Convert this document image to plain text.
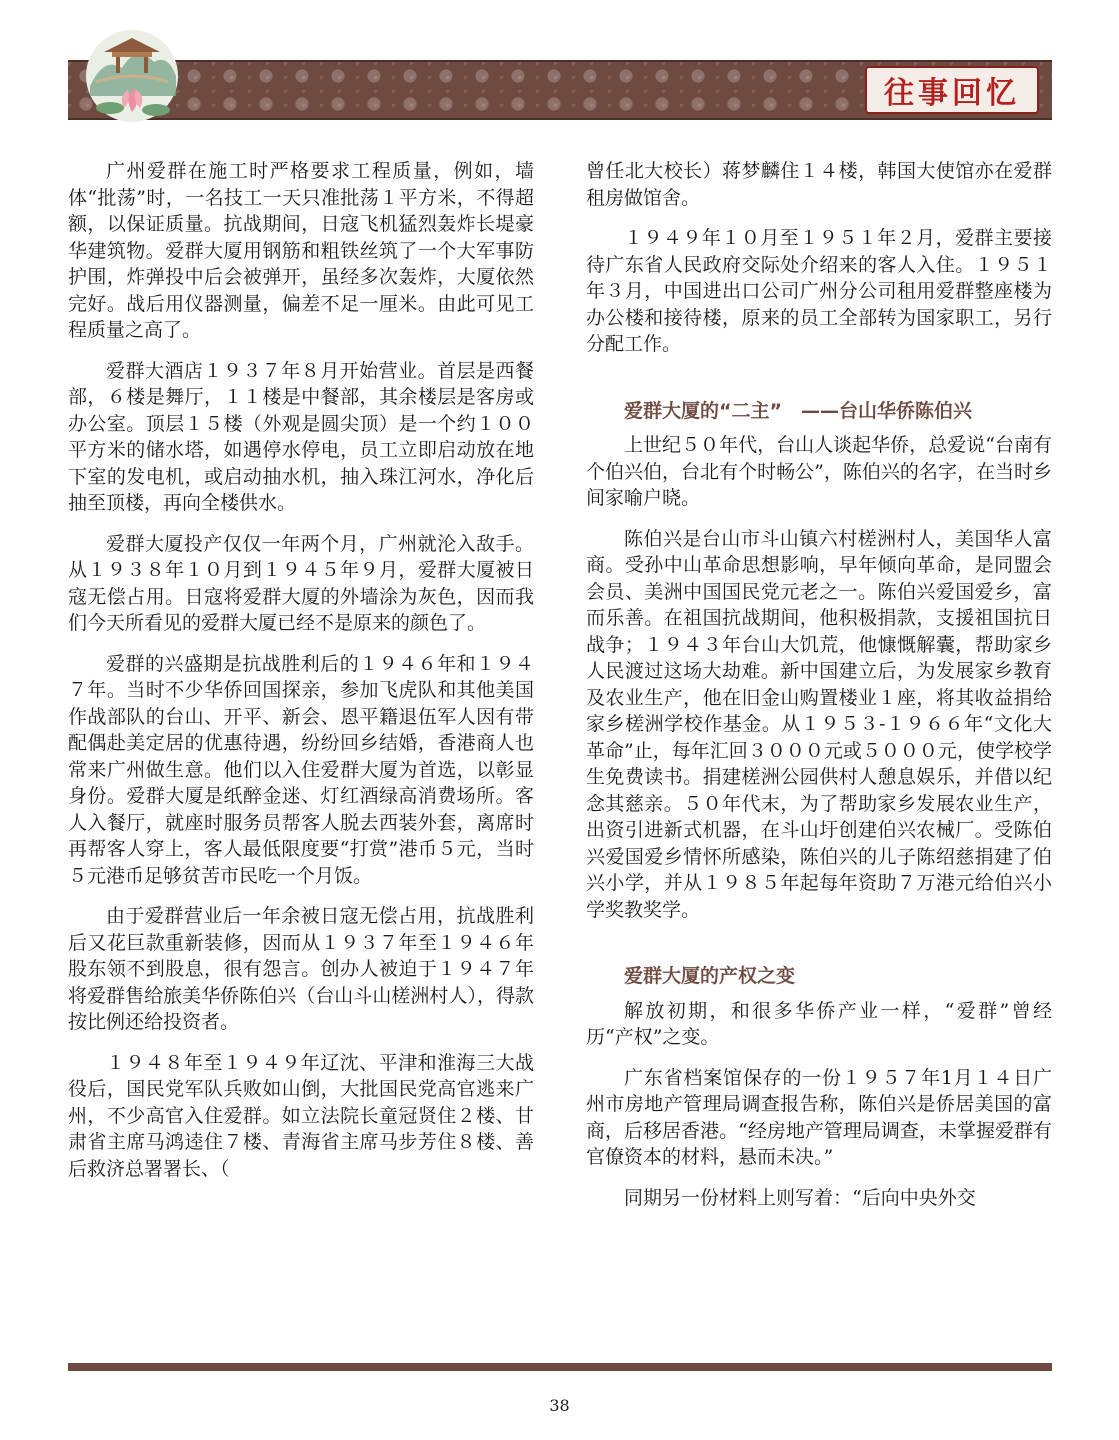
往事回忆

广州爱群在施工时严格要求工程质量，例如，墙体“批荡”时，一名技工一天只准批荡１平方米，不得超额，以保证质量。抗战期间，日寇飞机猛烈轰炸长堤豪华建筑物。爱群大厦用钢筋和粗铁丝筑了一个大军事防护围，炸弹投中后会被弹开，虽经多次轰炸，大厦依然完好。战后用仪器测量，偏差不足一厘米。由此可见工程质量之高了。

爱群大酒店１９３７年８月开始营业。首层是西餐部，６楼是舞厅，１１楼是中餐部，其余楼层是客房或办公室。顶层１５楼（外观是圆尖顶）是一个约１００平方米的储水塔，如遇停水停电，员工立即启动放在地下室的发电机，或启动抽水机，抽入珠江河水，净化后抽至顶楼，再向全楼供水。

爱群大厦投产仅仅一年两个月，广州就沦入敌手。从１９３８年１０月到１９４５年９月，爱群大厦被日寇无偿占用。日寇将爱群大厦的外墙涂为灰色，因而我们今天所看见的爱群大厦已经不是原来的颜色了。

爱群的兴盛期是抗战胜利后的１９４６年和１９４７年。当时不少华侨回国探亲，参加飞虎队和其他美国作战部队的台山、开平、新会、恩平籍退伍军人因有带配偶赴美定居的优惠待遇，纷纷回乡结婚，香港商人也常来广州做生意。他们以入住爱群大厦为首选，以彰显身份。爱群大厦是纸醉金迷、灯红酒绿高消费场所。客人入餐厅，就座时服务员帮客人脱去西装外套，离席时再帮客人穿上，客人最低限度要“打赏”港币５元，当时５元港币足够贫苦市民吃一个月饭。

由于爱群营业后一年余被日寇无偿占用，抗战胜利后又花巨款重新装修，因而从１９３７年至１９４６年股东领不到股息，很有怨言。创办人被迫于１９４７年将爱群售给旅美华侨陈伯兴（台山斗山槎洲村人），得款按比例还给投资者。

１９４８年至１９４９年辽沈、平津和淮海三大战役后，国民党军队兵败如山倒，大批国民党高官逃来广州，不少高官入住爱群。如立法院长童冠贤住２楼、甘肃省主席马鸿逵住７楼、青海省主席马步芳住８楼、善后救济总署署长、（

曾任北大校长）蒋梦麟住１４楼，韩国大使馆亦在爱群租房做馆舍。

１９４９年１０月至１９５１年２月，爱群主要接待广东省人民政府交际处介绍来的客人入住。１９５１年３月，中国进出口公司广州分公司租用爱群整座楼为办公楼和接待楼，原来的员工全部转为国家职工，另行分配工作。

爱群大厦的“二主”　——台山华侨陈伯兴

上世纪５０年代，台山人谈起华侨，总爱说“台南有个伯兴伯，台北有个时畅公”，陈伯兴的名字，在当时乡间家喻户晓。

陈伯兴是台山市斗山镇六村槎洲村人，美国华人富商。受孙中山革命思想影响，早年倾向革命，是同盟会会员、美洲中国国民党元老之一。陈伯兴爱国爱乡，富而乐善。在祖国抗战期间，他积极捐款，支援祖国抗日战争；１９４３年台山大饥荒，他慷慨解囊，帮助家乡人民渡过这场大劫难。新中国建立后，为发展家乡教育及农业生产，他在旧金山购置楼业１座，将其收益捐给家乡槎洲学校作基金。从１９５３-１９６６年“文化大革命”止，每年汇回３０００元或５０００元，使学校学生免费读书。捐建槎洲公园供村人憩息娱乐，并借以纪念其慈亲。５０年代末，为了帮助家乡发展农业生产，出资引进新式机器，在斗山圩创建伯兴农械厂。受陈伯兴爱国爱乡情怀所感染，陈伯兴的儿子陈绍慈捐建了伯兴小学，并从１９８５年起每年资助７万港元给伯兴小学奖教奖学。

爱群大厦的产权之变

解放初期，和很多华侨产业一样，“爱群”曾经历“产权”之变。

广东省档案馆保存的一份１９５７年1月１４日广州市房地产管理局调查报告称，陈伯兴是侨居美国的富商，后移居香港。“经房地产管理局调查，未掌握爱群有官僚资本的材料，悬而未决。”

同期另一份材料上则写着：“后向中央外交

38
